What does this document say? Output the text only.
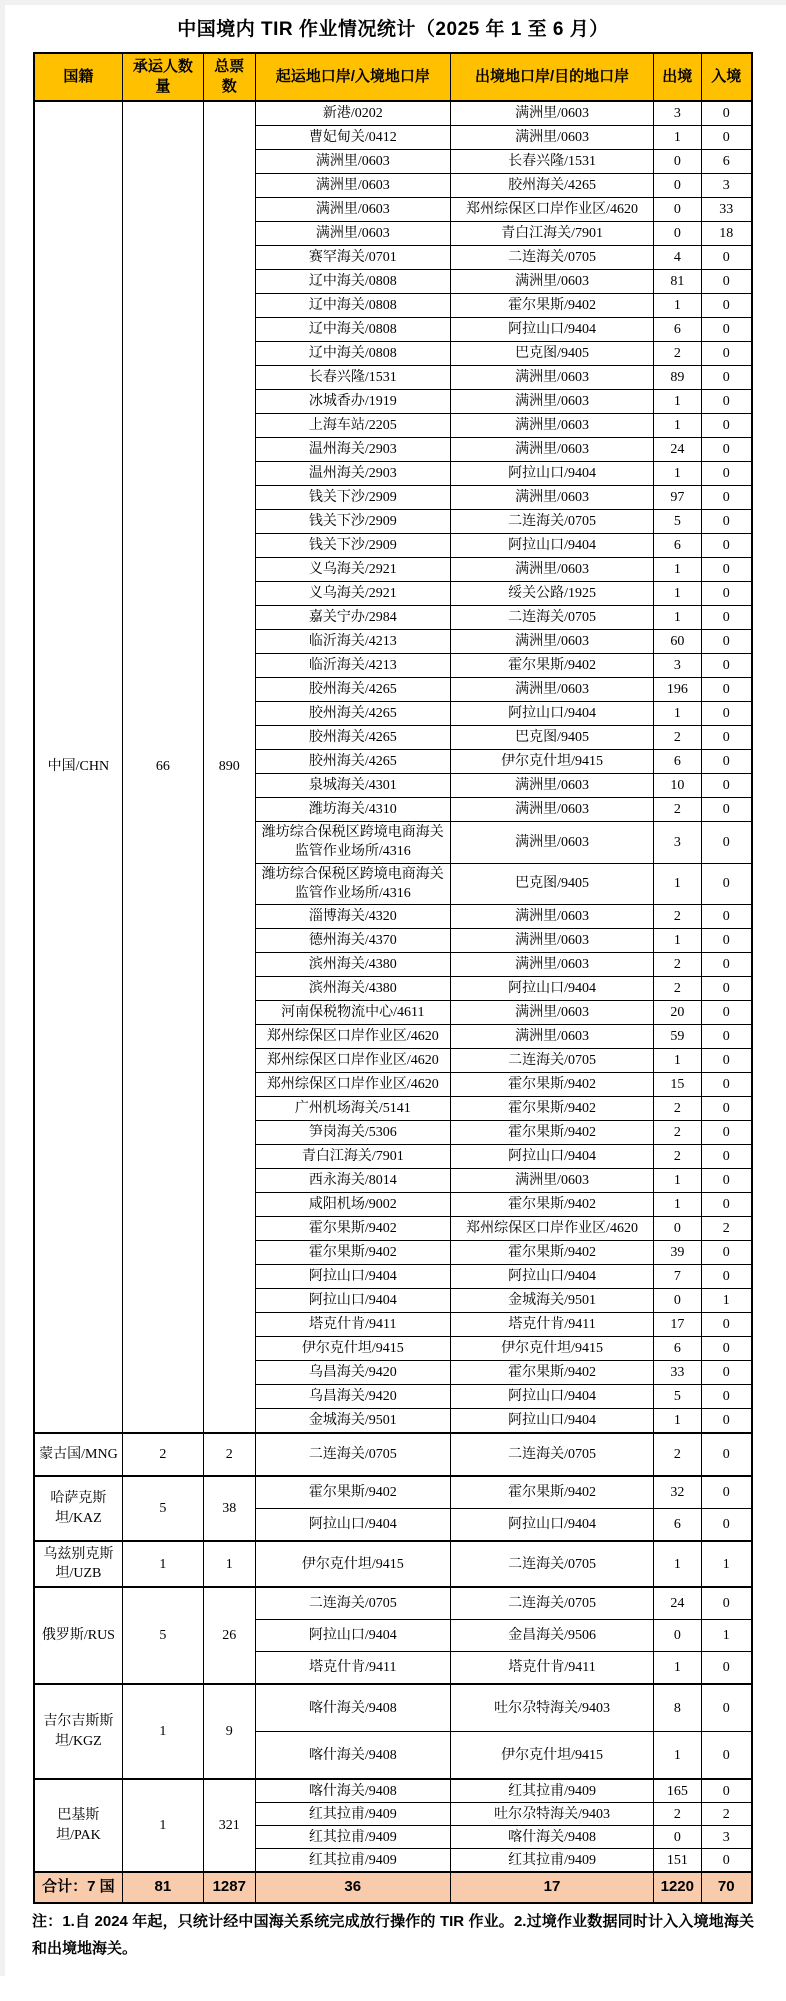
中国境内 TIR 作业情况统计（2025 年 1 至 6 月）
国籍	承运人数量	总票数	起运地口岸/入境地口岸	出境地口岸/目的地口岸	出境	入境
中国/CHN	66	890	新港/0202	满洲里/0603	3	0
			曹妃甸关/0412	满洲里/0603	1	0
			满洲里/0603	长春兴隆/1531	0	6
			满洲里/0603	胶州海关/4265	0	3
			满洲里/0603	郑州综保区口岸作业区/4620	0	33
			满洲里/0603	青白江海关/7901	0	18
			赛罕海关/0701	二连海关/0705	4	0
			辽中海关/0808	满洲里/0603	81	0
			辽中海关/0808	霍尔果斯/9402	1	0
			辽中海关/0808	阿拉山口/9404	6	0
			辽中海关/0808	巴克图/9405	2	0
			长春兴隆/1531	满洲里/0603	89	0
			冰城香办/1919	满洲里/0603	1	0
			上海车站/2205	满洲里/0603	1	0
			温州海关/2903	满洲里/0603	24	0
			温州海关/2903	阿拉山口/9404	1	0
			钱关下沙/2909	满洲里/0603	97	0
			钱关下沙/2909	二连海关/0705	5	0
			钱关下沙/2909	阿拉山口/9404	6	0
			义乌海关/2921	满洲里/0603	1	0
			义乌海关/2921	绥关公路/1925	1	0
			嘉关宁办/2984	二连海关/0705	1	0
			临沂海关/4213	满洲里/0603	60	0
			临沂海关/4213	霍尔果斯/9402	3	0
			胶州海关/4265	满洲里/0603	196	0
			胶州海关/4265	阿拉山口/9404	1	0
			胶州海关/4265	巴克图/9405	2	0
			胶州海关/4265	伊尔克什坦/9415	6	0
			泉城海关/4301	满洲里/0603	10	0
			潍坊海关/4310	满洲里/0603	2	0
			潍坊综合保税区跨境电商海关监管作业场所/4316	满洲里/0603	3	0
			潍坊综合保税区跨境电商海关监管作业场所/4316	巴克图/9405	1	0
			淄博海关/4320	满洲里/0603	2	0
			德州海关/4370	满洲里/0603	1	0
			滨州海关/4380	满洲里/0603	2	0
			滨州海关/4380	阿拉山口/9404	2	0
			河南保税物流中心/4611	满洲里/0603	20	0
			郑州综保区口岸作业区/4620	满洲里/0603	59	0
			郑州综保区口岸作业区/4620	二连海关/0705	1	0
			郑州综保区口岸作业区/4620	霍尔果斯/9402	15	0
			广州机场海关/5141	霍尔果斯/9402	2	0
			笋岗海关/5306	霍尔果斯/9402	2	0
			青白江海关/7901	阿拉山口/9404	2	0
			西永海关/8014	满洲里/0603	1	0
			咸阳机场/9002	霍尔果斯/9402	1	0
			霍尔果斯/9402	郑州综保区口岸作业区/4620	0	2
			霍尔果斯/9402	霍尔果斯/9402	39	0
			阿拉山口/9404	阿拉山口/9404	7	0
			阿拉山口/9404	金城海关/9501	0	1
			塔克什肯/9411	塔克什肯/9411	17	0
			伊尔克什坦/9415	伊尔克什坦/9415	6	0
			乌昌海关/9420	霍尔果斯/9402	33	0
			乌昌海关/9420	阿拉山口/9404	5	0
			金城海关/9501	阿拉山口/9404	1	0
蒙古国/MNG	2	2	二连海关/0705	二连海关/0705	2	0
哈萨克斯坦/KAZ	5	38	霍尔果斯/9402	霍尔果斯/9402	32	0
			阿拉山口/9404	阿拉山口/9404	6	0
乌兹别克斯坦/UZB	1	1	伊尔克什坦/9415	二连海关/0705	1	1
俄罗斯/RUS	5	26	二连海关/0705	二连海关/0705	24	0
			阿拉山口/9404	金昌海关/9506	0	1
			塔克什肯/9411	塔克什肯/9411	1	0
吉尔吉斯斯坦/KGZ	1	9	喀什海关/9408	吐尔尕特海关/9403	8	0
			喀什海关/9408	伊尔克什坦/9415	1	0
巴基斯坦/PAK	1	321	喀什海关/9408	红其拉甫/9409	165	0
			红其拉甫/9409	吐尔尕特海关/9403	2	2
			红其拉甫/9409	喀什海关/9408	0	3
			红其拉甫/9409	红其拉甫/9409	151	0
合计：7 国	81	1287	36	17	1220	70
注：1.自 2024 年起，只统计经中国海关系统完成放行操作的 TIR 作业。2.过境作业数据同时计入入境地海关和出境地海关。
